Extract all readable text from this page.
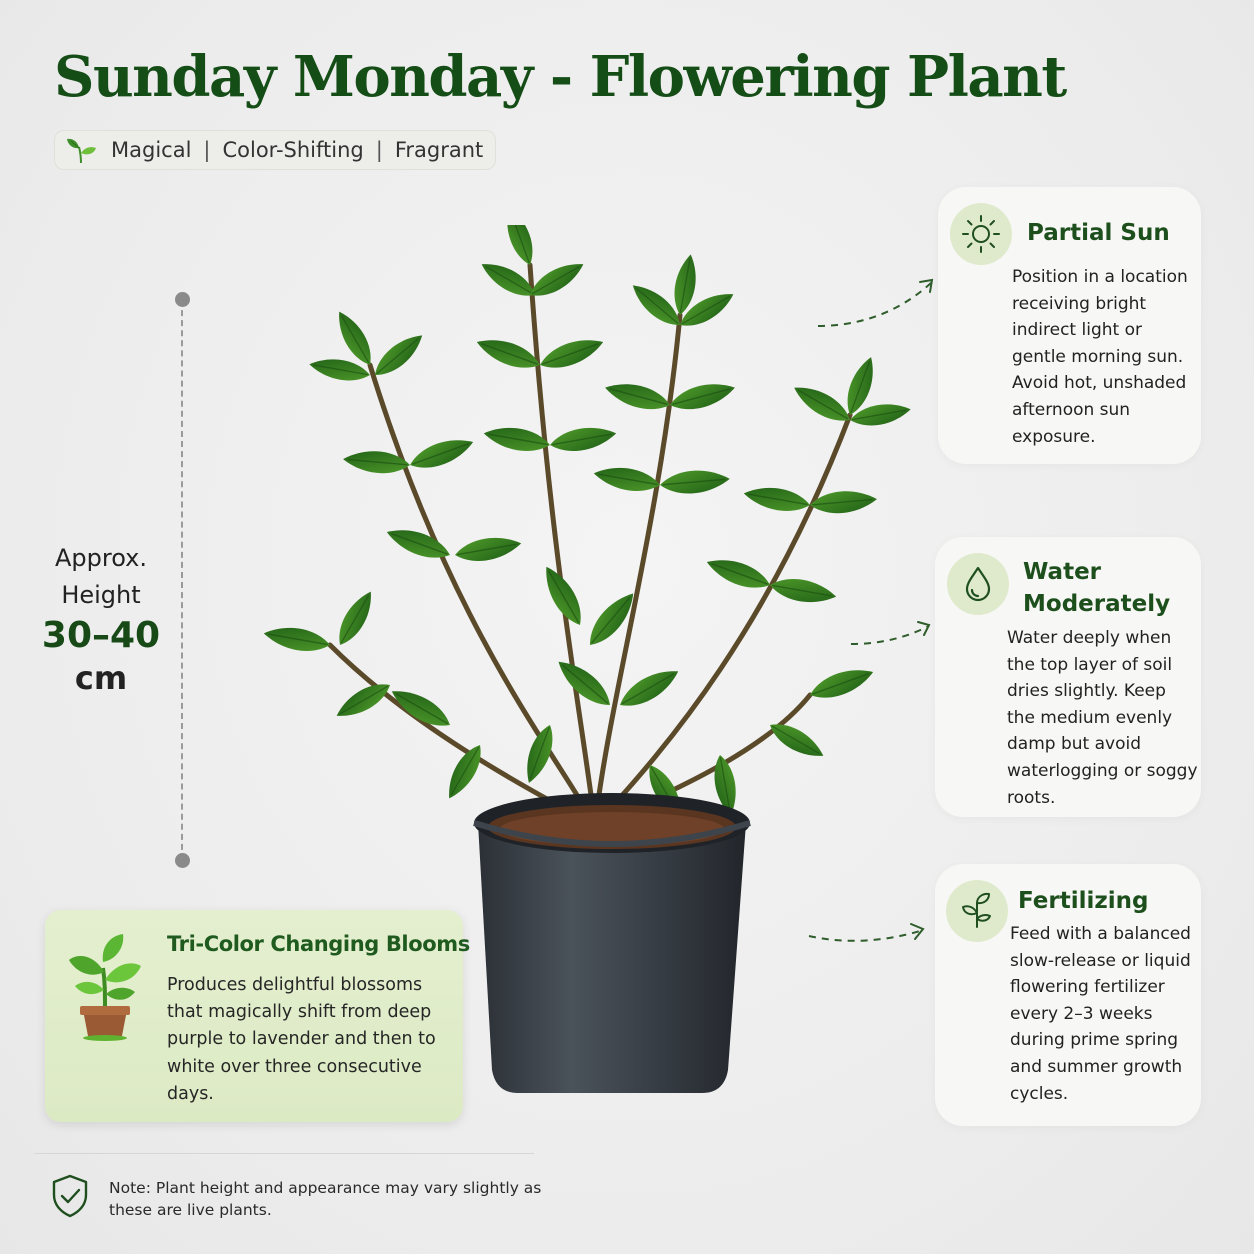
Sunday Monday - Flowering Plant
Magical | Color-Shifting | Fragrant
Approx. Height
30–40
cm
Partial Sun

Position in a location receiving bright indirect light or gentle morning sun. Avoid hot, unshaded afternoon sun exposure.

Water Moderately

Water deeply when the top layer of soil dries slightly. Keep the medium evenly damp but avoid waterlogging or soggy roots.

Fertilizing

Feed with a balanced slow-release or liquid flowering fertilizer every 2–3 weeks during prime spring and summer growth cycles.

Tri-Color Changing Blooms

Produces delightful blossoms that magically shift from deep purple to lavender and then to white over three consecutive days.

Note: Plant height and appearance may vary slightly as these are live plants.
